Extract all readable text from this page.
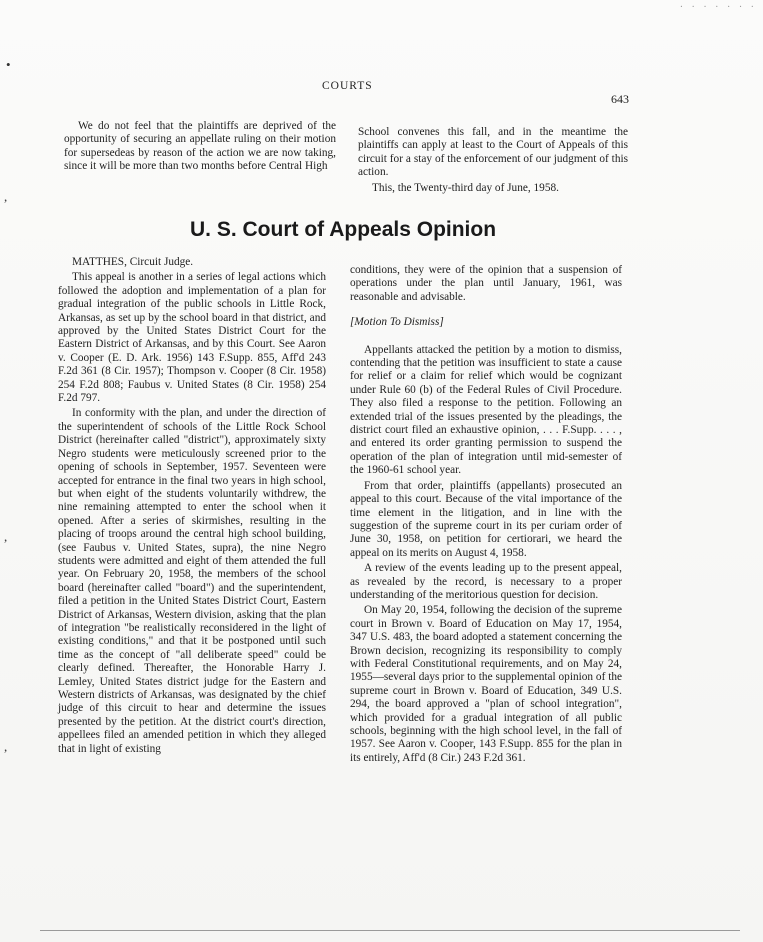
· · · · · · ·
•
,
,
,
COURTS
643

We do not feel that the plaintiffs are deprived of the opportunity of securing an appellate ruling on their motion for supersedeas by reason of the action we are now taking, since it will be more than two months before Central High

School convenes this fall, and in the meantime the plaintiffs can apply at least to the Court of Appeals of this circuit for a stay of the enforcement of our judgment of this action.

This, the Twenty-third day of June, 1958.

U. S. Court of Appeals Opinion

MATTHES, Circuit Judge.

This appeal is another in a series of legal actions which followed the adoption and implementation of a plan for gradual integration of the public schools in Little Rock, Arkansas, as set up by the school board in that district, and approved by the United States District Court for the Eastern District of Arkansas, and by this Court. See Aaron v. Cooper (E. D. Ark. 1956) 143 F.Supp. 855, Aff'd 243 F.2d 361 (8 Cir. 1957); Thompson v. Cooper (8 Cir. 1958) 254 F.2d 808; Faubus v. United States (8 Cir. 1958) 254 F.2d 797.

In conformity with the plan, and under the direction of the superintendent of schools of the Little Rock School District (hereinafter called "district"), approximately sixty Negro students were meticulously screened prior to the opening of schools in September, 1957. Seventeen were accepted for entrance in the final two years in high school, but when eight of the students voluntarily withdrew, the nine remaining attempted to enter the school when it opened. After a series of skirmishes, resulting in the placing of troops around the central high school building, (see Faubus v. United States, supra), the nine Negro students were admitted and eight of them attended the full year. On February 20, 1958, the members of the school board (hereinafter called "board") and the superintendent, filed a petition in the United States District Court, Eastern District of Arkansas, Western division, asking that the plan of integration "be realistically reconsidered in the light of existing conditions," and that it be postponed until such time as the concept of "all deliberate speed" could be clearly defined. Thereafter, the Honorable Harry J. Lemley, United States district judge for the Eastern and Western districts of Arkansas, was designated by the chief judge of this circuit to hear and determine the issues presented by the petition. At the district court's direction, appellees filed an amended petition in which they alleged that in light of existing

conditions, they were of the opinion that a suspension of operations under the plan until January, 1961, was reasonable and advisable.

[Motion To Dismiss]

Appellants attacked the petition by a motion to dismiss, contending that the petition was insufficient to state a cause for relief or a claim for relief which would be cognizant under Rule 60 (b) of the Federal Rules of Civil Procedure. They also filed a response to the petition. Following an extended trial of the issues presented by the pleadings, the district court filed an exhaustive opinion, . . . F.Supp. . . . , and entered its order granting permission to suspend the operation of the plan of integration until mid-semester of the 1960-61 school year.

From that order, plaintiffs (appellants) prosecuted an appeal to this court. Because of the vital importance of the time element in the litigation, and in line with the suggestion of the supreme court in its per curiam order of June 30, 1958, on petition for certiorari, we heard the appeal on its merits on August 4, 1958.

A review of the events leading up to the present appeal, as revealed by the record, is necessary to a proper understanding of the meritorious question for decision.

On May 20, 1954, following the decision of the supreme court in Brown v. Board of Education on May 17, 1954, 347 U.S. 483, the board adopted a statement concerning the Brown decision, recognizing its responsibility to comply with Federal Constitutional requirements, and on May 24, 1955—several days prior to the supplemental opinion of the supreme court in Brown v. Board of Education, 349 U.S. 294, the board approved a "plan of school integration", which provided for a gradual integration of all public schools, beginning with the high school level, in the fall of 1957. See Aaron v. Cooper, 143 F.Supp. 855 for the plan in its entirely, Aff'd (8 Cir.) 243 F.2d 361.
